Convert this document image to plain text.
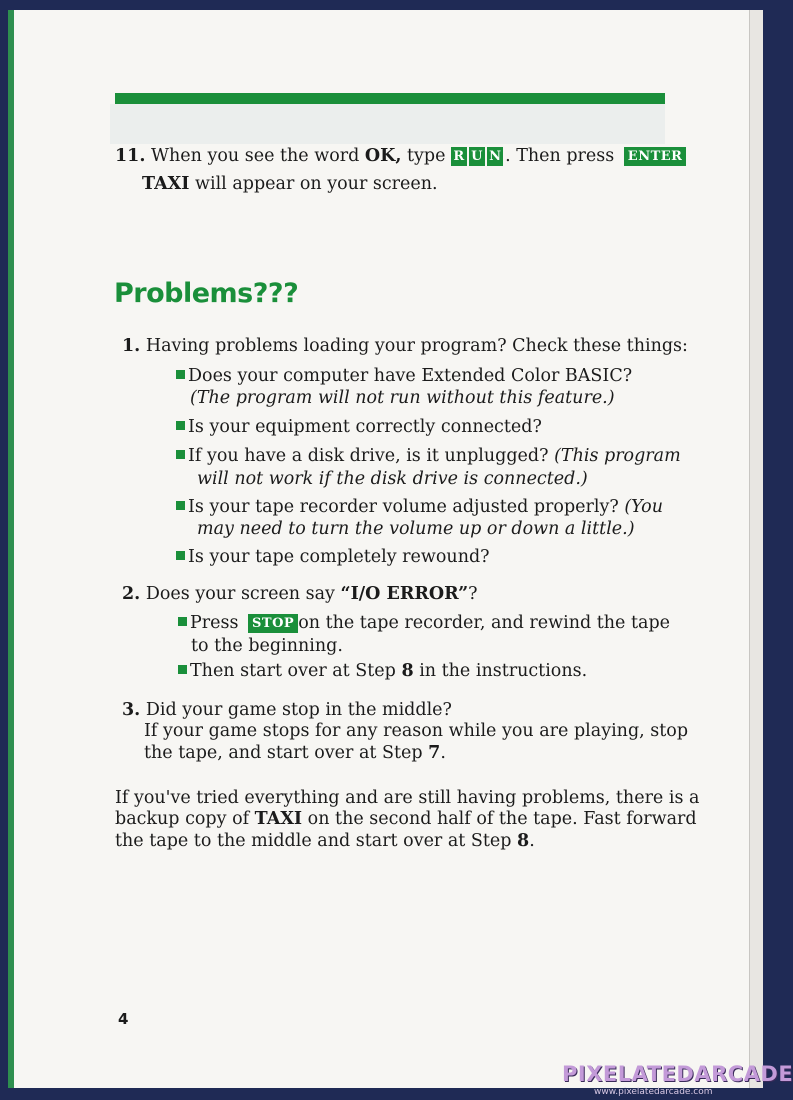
11. When you see the word OK, type R U N . Then press ENTER
TAXI will appear on your screen.
Problems???
1. Having problems loading your program? Check these things:
Does your computer have Extended Color BASIC?
(The program will not run without this feature.)
Is your equipment correctly connected?
If you have a disk drive, is it unplugged? (This program
will not work if the disk drive is connected.)
Is your tape recorder volume adjusted properly? (You
may need to turn the volume up or down a little.)
Is your tape completely rewound?
2. Does your screen say “I/O ERROR”?
Press STOP on the tape recorder, and rewind the tape
to the beginning.
Then start over at Step 8 in the instructions.
3. Did your game stop in the middle?
If your game stops for any reason while you are playing, stop
the tape, and start over at Step 7.
If you've tried everything and are still having problems, there is a
backup copy of TAXI on the second half of the tape. Fast forward
the tape to the middle and start over at Step 8.
4
PIXELATEDARCADE
www.pixelatedarcade.com
